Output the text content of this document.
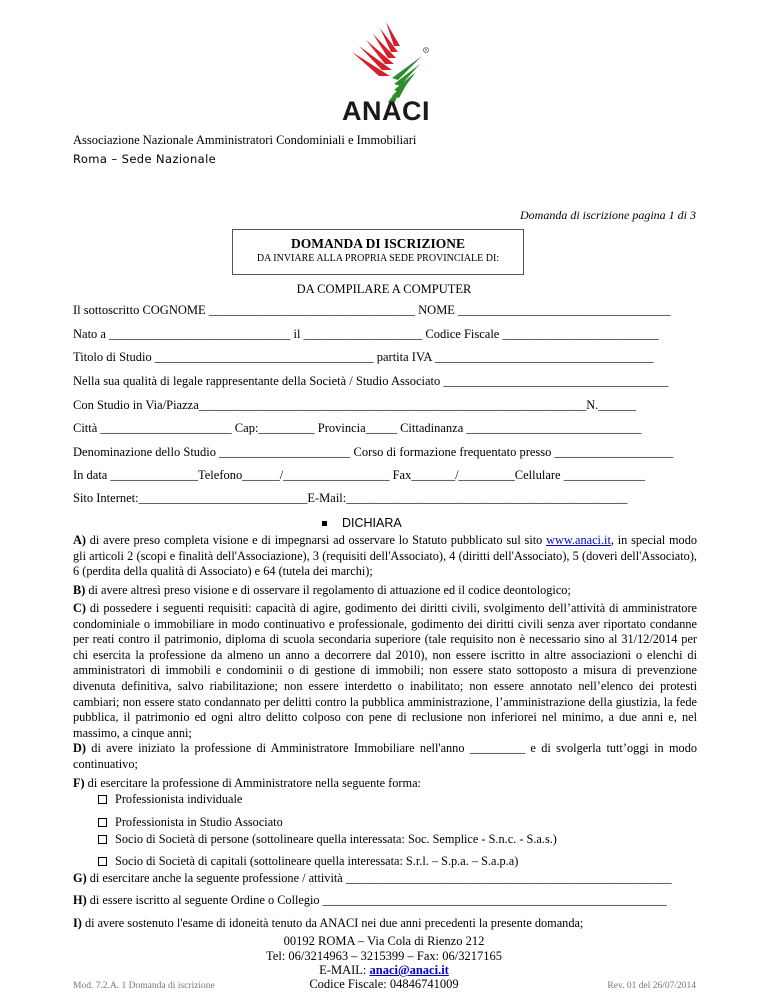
R
ANACI
Associazione Nazionale Amministratori Condominiali e Immobiliari
Roma – Sede Nazionale
Domanda di iscrizione pagina 1 di 3
DOMANDA DI ISCRIZIONE
DA INVIARE ALLA PROPRIA SEDE PROVINCIALE DI:
DA COMPILARE A COMPUTER
Il sottoscritto COGNOME _________________________________ NOME __________________________________
Nato a _____________________________ il ___________________ Codice Fiscale _________________________
Titolo di Studio ___________________________________ partita IVA ___________________________________
Nella sua qualità di legale rappresentante della Società / Studio Associato ____________________________________
Con Studio in Via/Piazza______________________________________________________________N.______
Città _____________________ Cap:_________ Provincia_____ Cittadinanza ____________________________
Denominazione dello Studio _____________________ Corso di formazione frequentato presso ___________________
In data ______________Telefono______/_________________ Fax_______/_________Cellulare _____________
Sito Internet:___________________________E-Mail:_____________________________________________
DICHIARA
A) di avere preso completa visione e di impegnarsi ad osservare lo Statuto pubblicato sul sito www.anaci.it, in special modo gli articoli 2 (scopi e finalità dell'Associazione), 3 (requisiti dell'Associato), 4 (diritti dell'Associato), 5 (doveri dell'Associato), 6 (perdita della qualità di Associato) e 64 (tutela dei marchi);
B) di avere altresì preso visione e di osservare il regolamento di attuazione ed il codice deontologico;
C) di possedere i seguenti requisiti: capacità di agire, godimento dei diritti civili, svolgimento dell’attività di amministratore condominiale o immobiliare in modo continuativo e professionale, godimento dei diritti civili senza aver riportato condanne per reati contro il patrimonio, diploma di scuola secondaria superiore (tale requisito non è necessario sino al 31/12/2014 per chi esercita la professione da almeno un anno a decorrere dal 2010), non essere iscritto in altre associazioni o elenchi di amministratori di immobili e condominii o di gestione di immobili; non essere stato sottoposto a misura di prevenzione divenuta definitiva, salvo riabilitazione; non essere interdetto o inabilitato; non essere annotato nell’elenco dei protesti cambiari; non essere stato condannato per delitti contro la pubblica amministrazione, l’amministrazione della giustizia, la fede pubblica, il patrimonio ed ogni altro delitto colposo con pene di reclusione non inferiorei nel minimo, a due anni e, nel massimo, a cinque anni;
D) di avere iniziato la professione di Amministratore Immobiliare nell'anno _________ e di svolgerla tutt’oggi in modo continuativo;
F) di esercitare la professione di Amministratore nella seguente forma:
Professionista individuale
Professionista in Studio Associato
Socio di Società di persone (sottolineare quella interessata: Soc. Semplice - S.n.c. - S.a.s.)
Socio di Società di capitali (sottolineare quella interessata: S.r.l. – S.p.a. – S.a.p.a)
G) di esercitare anche la seguente professione / attività _____________________________________________________
H) di essere iscritto al seguente Ordine o Collegio ________________________________________________________
I) di avere sostenuto l'esame di idoneità tenuto da ANACI nei due anni precedenti la presente domanda;
00192 ROMA – Via Cola di Rienzo 212
Tel: 06/3214963 – 3215399 – Fax: 06/3217165
E-MAIL: anaci@anaci.it
Codice Fiscale: 04846741009
Mod. 7.2.A. 1 Domanda di iscrizione	Rev. 01 del 26/07/2014
